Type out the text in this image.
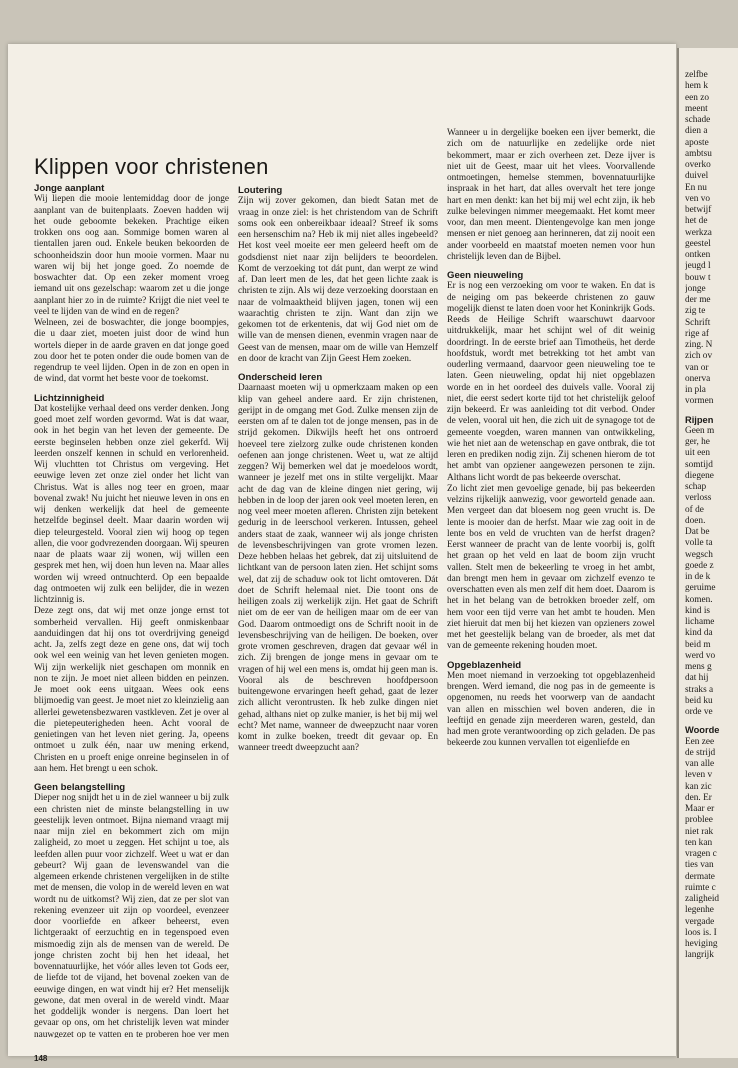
Klippen voor christenen
Jonge aanplant

Wij liepen die mooie lentemiddag door de jonge aanplant van de buitenplaats. Zoeven hadden wij het oude geboomte bekeken. Prachtige eiken trokken ons oog aan. Sommige bomen waren al tientallen jaren oud. Enkele beuken bekoorden de schoonheidszin door hun mooie vormen. Maar nu waren wij bij het jonge goed. Zo noemde de boswachter dat. Op een zeker moment vroeg iemand uit ons gezelschap: waarom zet u die jonge aanplant hier zo in de ruimte? Krijgt die niet veel te veel te lijden van de wind en de regen?

Welneen, zei de boswachter, die jonge boompjes, die u daar ziet, moeten juist door de wind hun wortels dieper in de aarde graven en dat jonge goed zou door het te poten onder die oude bomen van de regendrup te veel lijden. Open in de zon en open in de wind, dat vormt het beste voor de toekomst.

Lichtzinnigheid

Dat kostelijke verhaal deed ons verder denken. Jong goed moet zelf worden gevormd. Wat is dat waar, ook in het begin van het leven der gemeente. De eerste beginselen hebben onze ziel gekerfd. Wij leerden onszelf kennen in schuld en verlorenheid. Wij vluchtten tot Christus om vergeving. Het eeuwige leven zet onze ziel onder het licht van Christus. Wat is alles nog teer en groen, maar bovenal zwak! Nu juicht het nieuwe leven in ons en wij denken werkelijk dat heel de gemeente hetzelfde beginsel deelt. Maar daarin worden wij diep teleurgesteld. Vooral zien wij hoog op tegen allen, die voor godvrezenden doorgaan. Wij speuren naar de plaats waar zij wonen, wij willen een gesprek met hen, wij doen hun leven na. Maar alles worden wij wreed ontnuchterd. Op een bepaalde dag ontmoeten wij zulk een belijder, die in wezen lichtzinnig is.

Deze zegt ons, dat wij met onze jonge ernst tot somberheid vervallen. Hij geeft onmiskenbaar aanduidingen dat hij ons tot overdrijving geneigd acht. Ja, zelfs zegt deze en gene ons, dat wij toch ook wel een weinig van het leven genieten mogen. Wij zijn werkelijk niet geschapen om monnik en non te zijn. Je moet niet alleen bidden en peinzen. Je moet ook eens uitgaan. Wees ook eens blijmoedig van geest. Je moet niet zo kleinzielig aan allerlei gewetensbezwaren vastkleven. Zet je over al die pietepeuterigheden heen. Acht vooral de genietingen van het leven niet gering. Ja, opeens ontmoet u zulk één, naar uw mening erkend, Christen en u proeft enige onreine beginselen in of aan hem. Het brengt u een schok.

Geen belangstelling

Dieper nog snijdt het u in de ziel wanneer u bij zulk een christen niet de minste belangstelling in uw geestelijk leven ontmoet. Bijna niemand vraagt mij naar mijn ziel en bekommert zich om mijn zaligheid, zo moet u zeggen. Het schijnt u toe, als leefden allen puur voor zichzelf. Weet u wat er dan gebeurt? Wij gaan de levenswandel van die algemeen erkende christenen vergelijken in de stilte met de mensen, die volop in de wereld leven en wat wordt nu de uitkomst? Wij zien, dat ze per slot van rekening evenzeer uit zijn op voordeel, evenzeer door voorliefde en afkeer beheerst, even lichtgeraakt of eerzuchtig en in tegenspoed even mismoedig zijn als de mensen van de wereld. De jonge christen zocht bij hen het ideaal, het bovennatuurlijke, het vóór alles leven tot Gods eer, de liefde tot de vijand, het bovenal zoeken van de eeuwige dingen, en wat vindt hij er? Het menselijk gewone, dat men overal in de wereld vindt. Maar het goddelijk wonder is nergens. Dan loert het gevaar op ons, om het christelijk leven wat minder nauwgezet op te vatten en te proberen hoe ver men

Loutering

Zijn wij zover gekomen, dan biedt Satan met de vraag in onze ziel: is het christendom van de Schrift soms ook een onbereikbaar ideaal? Streef ik soms een hersenschim na? Heb ik mij niet alles ingebeeld? Het kost veel moeite eer men geleerd heeft om de godsdienst niet naar zijn belijders te beoordelen. Komt de verzoeking tot dát punt, dan werpt ze wind af. Dan leert men de les, dat het geen lichte zaak is christen te zijn. Als wij deze verzoeking doorstaan en naar de volmaaktheid blijven jagen, tonen wij een waarachtig christen te zijn. Want dan zijn we gekomen tot de erkentenis, dat wij God niet om de wille van de mensen dienen, evenmin vragen naar de Geest van de mensen, maar om de wille van Hemzelf en door de kracht van Zijn Geest Hem zoeken.

Onderscheid leren

Daarnaast moeten wij u opmerkzaam maken op een klip van geheel andere aard. Er zijn christenen, gerijpt in de omgang met God. Zulke mensen zijn de eersten om af te dalen tot de jonge mensen, pas in de strijd gekomen. Dikwijls heeft het ons ontroerd hoeveel tere zielzorg zulke oude christenen konden oefenen aan jonge christenen. Weet u, wat ze altijd zeggen? Wij bemerken wel dat je moedeloos wordt, wanneer je jezelf met ons in stilte vergelijkt. Maar acht de dag van de kleine dingen niet gering, wij hebben in de loop der jaren ook veel moeten leren, en nog veel meer moeten afleren. Christen zijn betekent gedurig in de leerschool verkeren. Intussen, geheel anders staat de zaak, wanneer wij als jonge christen de levensbeschrijvingen van grote vromen lezen. Deze hebben helaas het gebrek, dat zij uitsluitend de lichtkant van de persoon laten zien. Het schijnt soms wel, dat zij de schaduw ook tot licht omtoveren. Dát doet de Schrift helemaal niet. Die toont ons de heiligen zoals zij werkelijk zijn. Het gaat de Schrift niet om de eer van de heiligen maar om de eer van God. Daarom ontmoedigt ons de Schrift nooit in de levensbeschrijving van de heiligen. De boeken, over grote vromen geschreven, dragen dat gevaar wél in zich. Zij brengen de jonge mens in gevaar om te vragen of hij wel een mens is, omdat hij geen man is. Vooral als de beschreven hoofdpersoon buitengewone ervaringen heeft gehad, gaat de lezer zich allicht verontrusten. Ik heb zulke dingen niet gehad, althans niet op zulke manier, is het bij mij wel echt? Met name, wanneer de dweepzucht naar voren komt in zulke boeken, treedt dit gevaar op. En wanneer treedt dweepzucht aan?

Wanneer u in dergelijke boeken een ijver bemerkt, die zich om de natuurlijke en zedelijke orde niet bekommert, maar er zich overheen zet. Deze ijver is niet uit de Geest, maar uit het vlees. Voorvallende ontmoetingen, hemelse stemmen, bovennatuurlijke inspraak in het hart, dat alles overvalt het tere jonge hart en men denkt: kan het bij mij wel echt zijn, ik heb zulke belevingen nimmer meegemaakt. Het komt meer voor, dan men meent. Dientengevolge kan men jonge mensen er niet genoeg aan herinneren, dat zij nooit een ander voorbeeld en maatstaf moeten nemen voor hun christelijk leven dan de Bijbel.

Geen nieuweling

Er is nog een verzoeking om voor te waken. En dat is de neiging om pas bekeerde christenen zo gauw mogelijk dienst te laten doen voor het Koninkrijk Gods. Reeds de Heilige Schrift waarschuwt daarvoor uitdrukkelijk, maar het schijnt wel of dit weinig doordringt. In de eerste brief aan Timotheüs, het derde hoofdstuk, wordt met betrekking tot het ambt van ouderling vermaand, daarvoor geen nieuweling toe te laten. Geen nieuweling, opdat hij niet opgeblazen worde en in het oordeel des duivels valle. Vooral zij niet, die eerst sedert korte tijd tot het christelijk geloof zijn bekeerd. Er was aanleiding tot dit verbod. Onder de velen, vooral uit hen, die zich uit de synagoge tot de gemeente voegden, waren mannen van ontwikkeling, wie het niet aan de wetenschap en gave ontbrak, die tot leren en prediken nodig zijn. Zij schenen hierom de tot het ambt van opziener aangewezen personen te zijn. Althans licht wordt de pas bekeerde overschat.

Zo licht ziet men gevoelige genade, bij pas bekeerden velzins rijkelijk aanwezig, voor geworteld genade aan. Men vergeet dan dat bloesem nog geen vrucht is. De lente is mooier dan de herfst. Maar wie zag ooit in de lente bos en veld de vruchten van de herfst dragen? Eerst wanneer de pracht van de lente voorbij is, golft het graan op het veld en laat de boom zijn vrucht vallen. Stelt men de bekeerling te vroeg in het ambt, dan brengt men hem in gevaar om zichzelf evenzo te overschatten even als men zelf dit hem doet. Daarom is het in het belang van de betrokken broeder zelf, om hem voor een tijd verre van het ambt te houden. Men ziet hieruit dat men bij het kiezen van opzieners zowel met het geestelijk belang van de broeder, als met dat van de gemeente rekening houden moet.

Opgeblazenheid

Men moet niemand in verzoeking tot opgeblazenheid brengen. Werd iemand, die nog pas in de gemeente is opgenomen, nu reeds het voorwerp van de aandacht van allen en misschien wel boven anderen, die in leeftijd en genade zijn meerderen waren, gesteld, dan had men grote verantwoording op zich geladen. De pas bekeerde zou kunnen vervallen tot eigenliefde en

148
zelfbe
hem k
een zo
meent
schade
dien a
aposte
ambtsu
overko
duivel
En nu
ven vo
betwijf
het de
werkza
geestel
ontken
jeugd l
bouw t
jonge
der me
zig te
Schrift
rige af
zing. N
zich ov
van or
onerva
in pla
vormen
Rijpen
Geen m
ger, he
uit een
somtijd
diegene
schap
verloss
of de
doen.
Dat be
volle ta
wegsch
goede z
in de k
geruime
komen.
kind is
lichame
kind da
beid m
werd vo
mens g
dat hij
straks a
beid ku
orde ve
Woorde
Een zee
de strijd
van alle
leven v
kan zic
den. Er
Maar er
problee
niet rak
ten kan
vragen c
ties van
dermate
ruimte c
zaligheid
legenhe
vergade
loos is. I
heviging
langrijk
